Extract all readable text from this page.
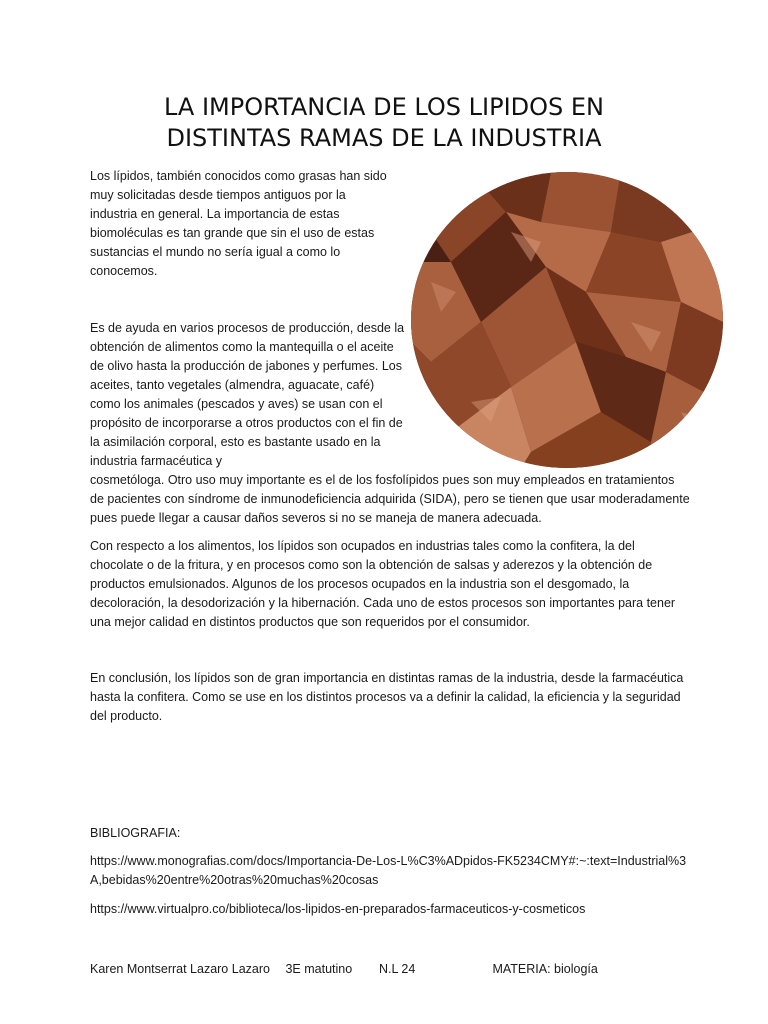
LA IMPORTANCIA DE LOS LIPIDOS EN
DISTINTAS RAMAS DE LA INDUSTRIA

Los lípidos, también conocidos como grasas han sido muy solicitadas desde tiempos antiguos por la industria en general. La importancia de estas biomoléculas es tan grande que sin el uso de estas sustancias el mundo no sería igual a como lo conocemos.

Es de ayuda en varios procesos de producción, desde la obtención de alimentos como la mantequilla o el aceite de olivo hasta la producción de jabones y perfumes. Los aceites, tanto vegetales (almendra, aguacate, café) como los animales (pescados y aves) se usan con el propósito de incorporarse a otros productos con el fin de la asimilación corporal, esto es bastante usado en la industria farmacéutica y

cosmetóloga. Otro uso muy importante es el de los fosfolípidos pues son muy empleados en tratamientos de pacientes con síndrome de inmunodeficiencia adquirida (SIDA), pero se tienen que usar moderadamente pues puede llegar a causar daños severos si no se maneja de manera adecuada.

Con respecto a los alimentos, los lípidos son ocupados en industrias tales como la confitera, la del chocolate o de la fritura, y en procesos como son la obtención de salsas y aderezos y la obtención de productos emulsionados. Algunos de los procesos ocupados en la industria son el desgomado, la decoloración, la desodorización y la hibernación. Cada uno de estos procesos son importantes para tener una mejor calidad en distintos productos que son requeridos por el consumidor.

En conclusión, los lípidos son de gran importancia en distintas ramas de la industria, desde la farmacéutica hasta la confitera. Como se use en los distintos procesos va a definir la calidad, la eficiencia y la seguridad del producto.

BIBLIOGRAFIA:

https://www.monografias.com/docs/Importancia-De-Los-L%C3%ADpidos-FK5234CMY#:~:text=Industrial%3A,bebidas%20entre%20otras%20muchas%20cosas

https://www.virtualpro.co/biblioteca/los-lipidos-en-preparados-farmaceuticos-y-cosmeticos

Karen Montserrat Lazaro Lazaro 3E matutino N.L 24	MATERIA: biología
